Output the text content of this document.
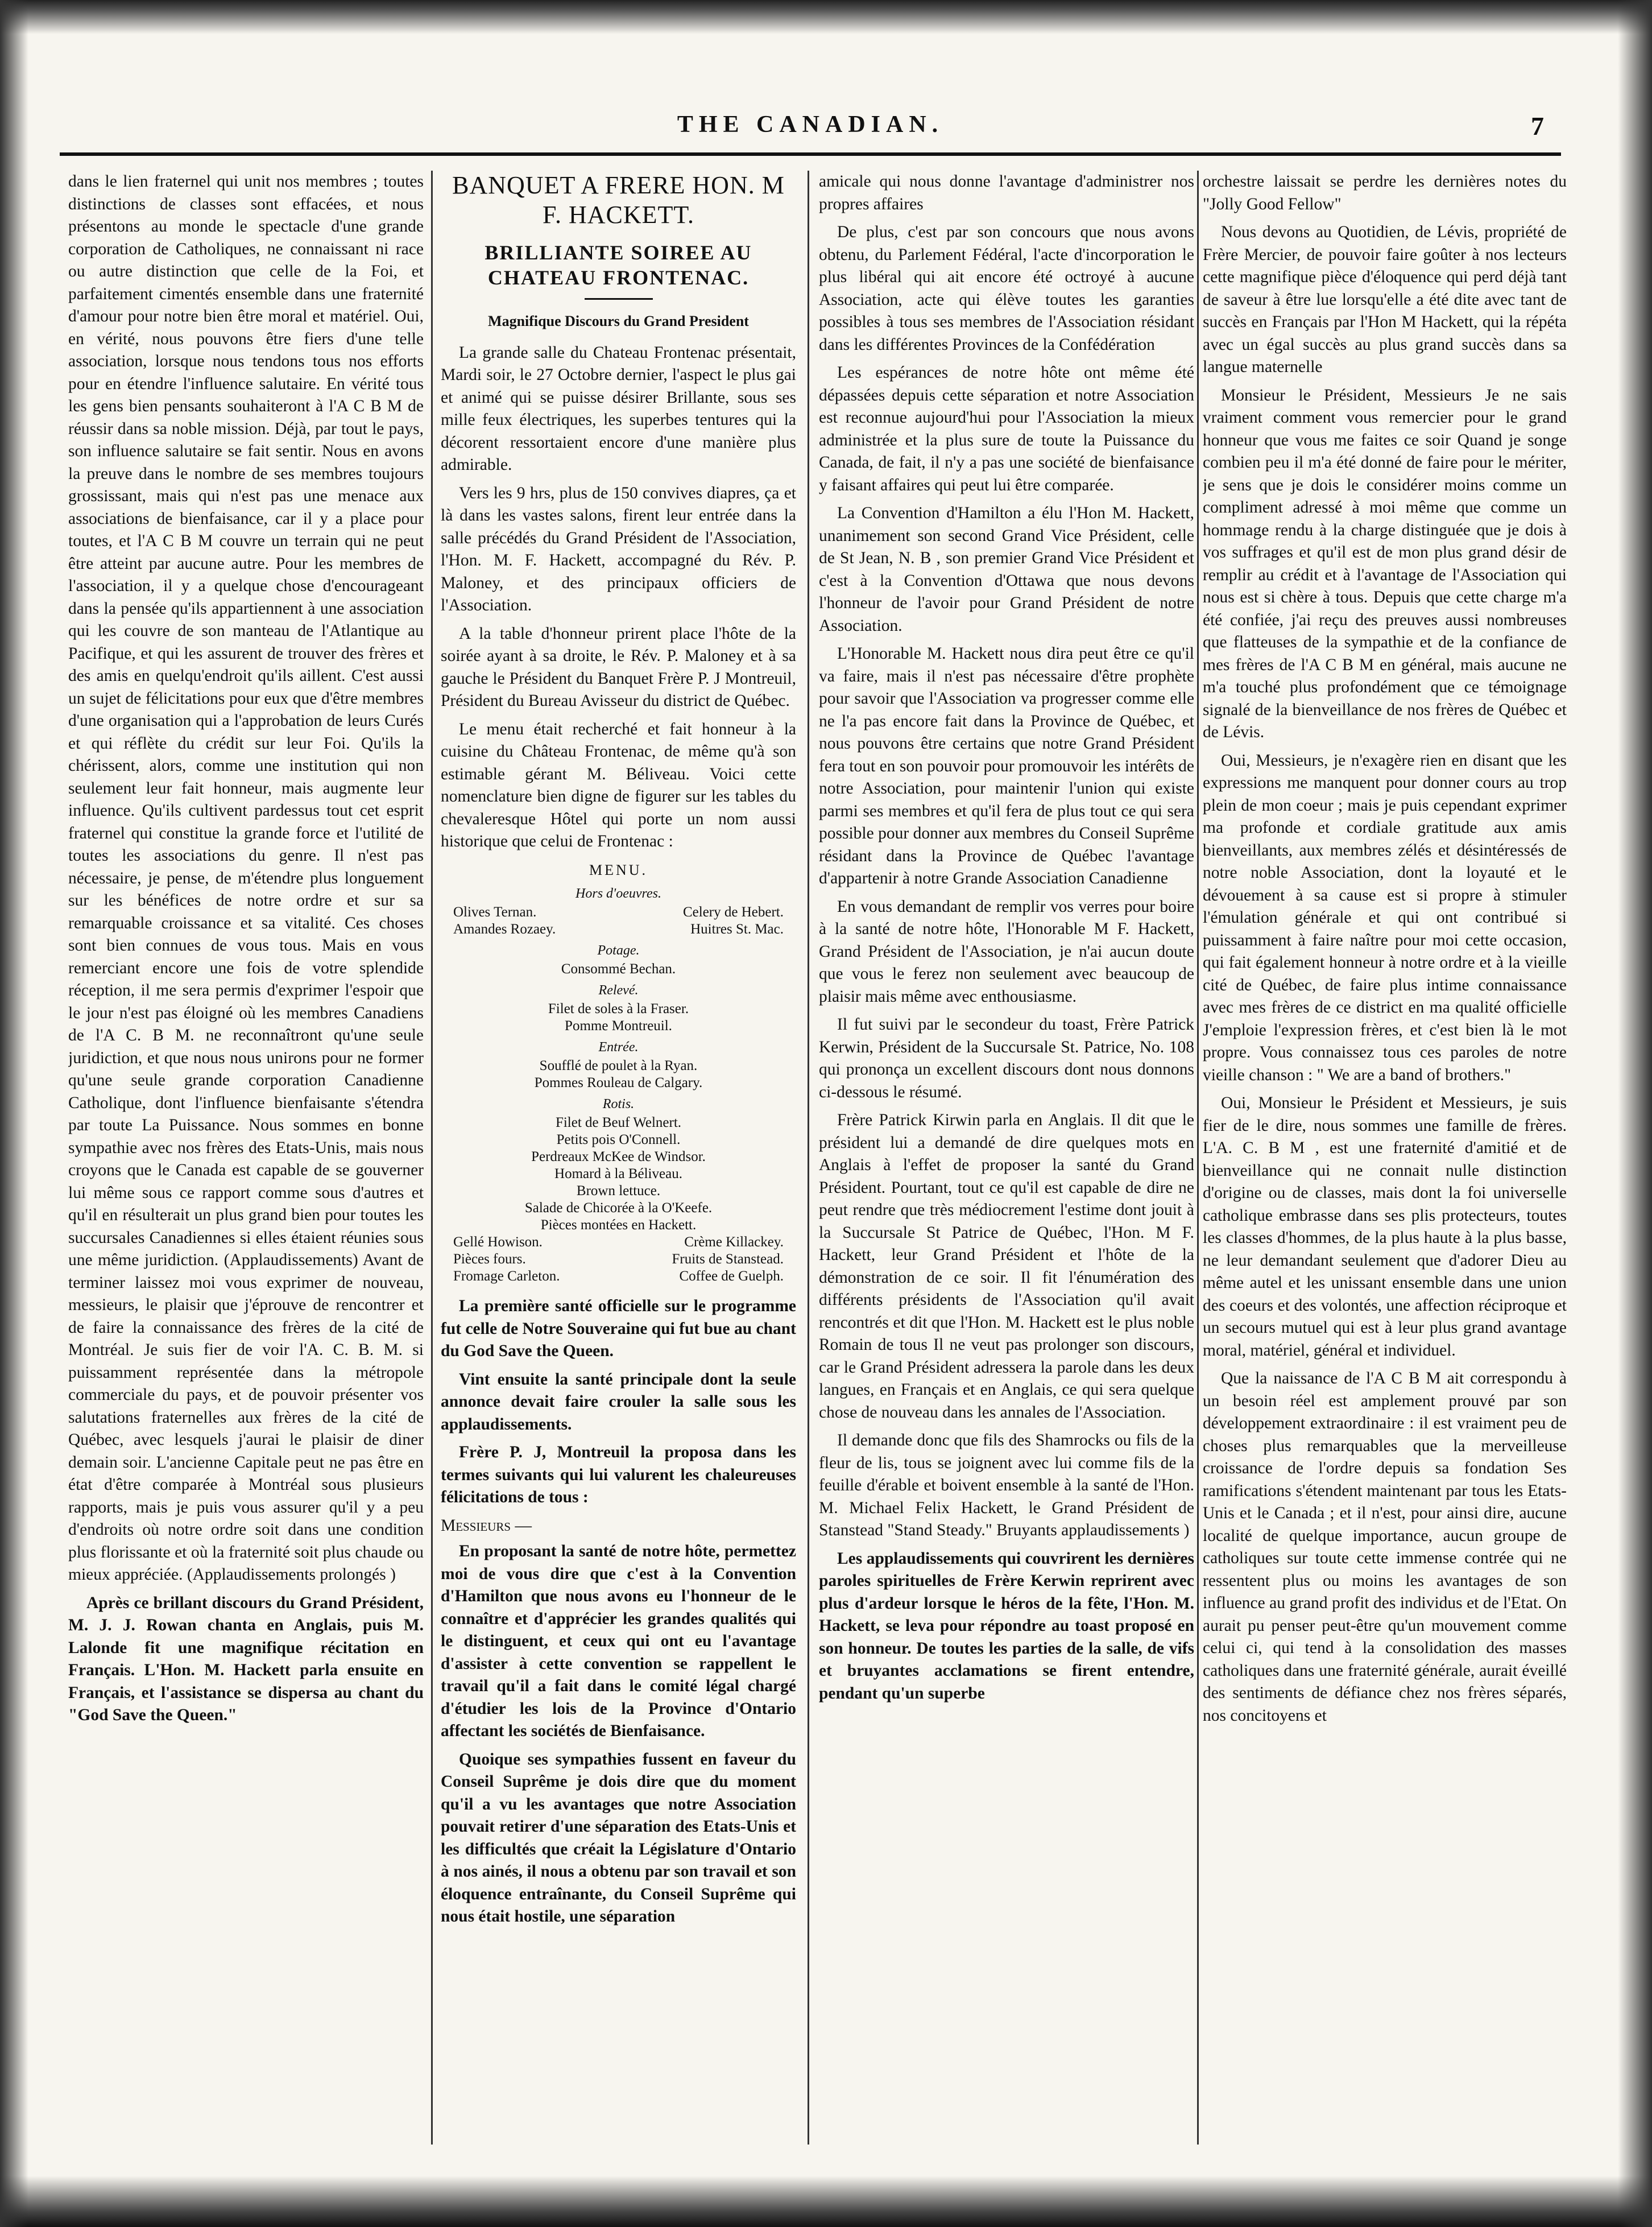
THE CANADIAN.	7

dans le lien fraternel qui unit nos membres ; toutes distinctions de classes sont effacées, et nous présentons au monde le spectacle d'une grande corporation de Catholiques, ne connaissant ni race ou autre distinction que celle de la Foi, et parfaitement cimentés ensemble dans une fraternité d'amour pour notre bien être moral et matériel. Oui, en vérité, nous pouvons être fiers d'une telle association, lorsque nous tendons tous nos efforts pour en étendre l'influence salutaire. En vérité tous les gens bien pensants souhaiteront à l'A C B M de réussir dans sa noble mission. Déjà, par tout le pays, son influence salutaire se fait sentir. Nous en avons la preuve dans le nombre de ses membres toujours grossissant, mais qui n'est pas une menace aux associations de bienfaisance, car il y a place pour toutes, et l'A C B M couvre un terrain qui ne peut être atteint par aucune autre. Pour les membres de l'association, il y a quelque chose d'encourageant dans la pensée qu'ils appartiennent à une association qui les couvre de son manteau de l'Atlantique au Pacifique, et qui les assurent de trouver des frères et des amis en quelqu'endroit qu'ils aillent. C'est aussi un sujet de félicitations pour eux que d'être membres d'une organisation qui a l'approbation de leurs Curés et qui réflète du crédit sur leur Foi. Qu'ils la chérissent, alors, comme une institution qui non seulement leur fait honneur, mais augmente leur influence. Qu'ils cultivent pardessus tout cet esprit fraternel qui constitue la grande force et l'utilité de toutes les associations du genre. Il n'est pas nécessaire, je pense, de m'étendre plus longuement sur les bénéfices de notre ordre et sur sa remarquable croissance et sa vitalité. Ces choses sont bien connues de vous tous. Mais en vous remerciant encore une fois de votre splendide réception, il me sera permis d'exprimer l'espoir que le jour n'est pas éloigné où les membres Canadiens de l'A C. B M. ne reconnaîtront qu'une seule juridiction, et que nous nous unirons pour ne former qu'une seule grande corporation Canadienne Catholique, dont l'influence bienfaisante s'étendra par toute La Puissance. Nous sommes en bonne sympathie avec nos frères des Etats-Unis, mais nous croyons que le Canada est capable de se gouverner lui même sous ce rapport comme sous d'autres et qu'il en résulterait un plus grand bien pour toutes les succursales Canadiennes si elles étaient réunies sous une même juridiction. (Applaudissements) Avant de terminer laissez moi vous exprimer de nouveau, messieurs, le plaisir que j'éprouve de rencontrer et de faire la connaissance des frères de la cité de Montréal. Je suis fier de voir l'A. C. B. M. si puissamment représentée dans la métropole commerciale du pays, et de pouvoir présenter vos salutations fraternelles aux frères de la cité de Québec, avec lesquels j'aurai le plaisir de diner demain soir. L'ancienne Capitale peut ne pas être en état d'être comparée à Montréal sous plusieurs rapports, mais je puis vous assurer qu'il y a peu d'endroits où notre ordre soit dans une condition plus florissante et où la fraternité soit plus chaude ou mieux appréciée. (Applaudissements prolongés )

Après ce brillant discours du Grand Président, M. J. J. Rowan chanta en Anglais, puis M. Lalonde fit une magnifique récitation en Français. L'Hon. M. Hackett parla ensuite en Français, et l'assistance se dispersa au chant du "God Save the Queen."

BANQUET A FRERE HON. M F. HACKETT.
BRILLIANTE SOIREE AU CHATEAU FRONTENAC.
Magnifique Discours du Grand President

La grande salle du Chateau Frontenac présentait, Mardi soir, le 27 Octobre dernier, l'aspect le plus gai et animé qui se puisse désirer Brillante, sous ses mille feux électriques, les superbes tentures qui la décorent ressortaient encore d'une manière plus admirable.

Vers les 9 hrs, plus de 150 convives diapres, ça et là dans les vastes salons, firent leur entrée dans la salle précédés du Grand Président de l'Association, l'Hon. M. F. Hackett, accompagné du Rév. P. Maloney, et des principaux officiers de l'Association.

A la table d'honneur prirent place l'hôte de la soirée ayant à sa droite, le Rév. P. Maloney et à sa gauche le Président du Banquet Frère P. J Montreuil, Président du Bureau Avisseur du district de Québec.

Le menu était recherché et fait honneur à la cuisine du Château Frontenac, de même qu'à son estimable gérant M. Béliveau. Voici cette nomenclature bien digne de figurer sur les tables du chevaleresque Hôtel qui porte un nom aussi historique que celui de Frontenac :

MENU.
Hors d'oeuvres.
Olives Ternan.	Celery de Hebert.
Amandes Rozaey.	Huitres St. Mac.
Potage.
Consommé Bechan.
Relevé.
Filet de soles à la Fraser.
Pomme Montreuil.
Entrée.
Soufflé de poulet à la Ryan.
Pommes Rouleau de Calgary.
Rotis.
Filet de Beuf Welnert.
Petits pois O'Connell.
Perdreaux McKee de Windsor.
Homard à la Béliveau.
Brown lettuce.
Salade de Chicorée à la O'Keefe.
Pièces montées en Hackett.
Gellé Howison.	Crème Killackey.
Pièces fours.	Fruits de Stanstead.
Fromage Carleton.	Coffee de Guelph.

La première santé officielle sur le programme fut celle de Notre Souveraine qui fut bue au chant du God Save the Queen.

Vint ensuite la santé principale dont la seule annonce devait faire crouler la salle sous les applaudissements.

Frère P. J, Montreuil la proposa dans les termes suivants qui lui valurent les chaleureuses félicitations de tous :

Messieurs —

En proposant la santé de notre hôte, permettez moi de vous dire que c'est à la Convention d'Hamilton que nous avons eu l'honneur de le connaître et d'apprécier les grandes qualités qui le distinguent, et ceux qui ont eu l'avantage d'assister à cette convention se rappellent le travail qu'il a fait dans le comité légal chargé d'étudier les lois de la Province d'Ontario affectant les sociétés de Bienfaisance.

Quoique ses sympathies fussent en faveur du Conseil Suprême je dois dire que du moment qu'il a vu les avantages que notre Association pouvait retirer d'une séparation des Etats-Unis et les difficultés que créait la Législature d'Ontario à nos ainés, il nous a obtenu par son travail et son éloquence entraînante, du Conseil Suprême qui nous était hostile, une séparation

amicale qui nous donne l'avantage d'administrer nos propres affaires

De plus, c'est par son concours que nous avons obtenu, du Parlement Fédéral, l'acte d'incorporation le plus libéral qui ait encore été octroyé à aucune Association, acte qui élève toutes les garanties possibles à tous ses membres de l'Association résidant dans les différentes Provinces de la Confédération

Les espérances de notre hôte ont même été dépassées depuis cette séparation et notre Association est reconnue aujourd'hui pour l'Association la mieux administrée et la plus sure de toute la Puissance du Canada, de fait, il n'y a pas une société de bienfaisance y faisant affaires qui peut lui être comparée.

La Convention d'Hamilton a élu l'Hon M. Hackett, unanimement son second Grand Vice Président, celle de St Jean, N. B , son premier Grand Vice Président et c'est à la Convention d'Ottawa que nous devons l'honneur de l'avoir pour Grand Président de notre Association.

L'Honorable M. Hackett nous dira peut être ce qu'il va faire, mais il n'est pas nécessaire d'être prophète pour savoir que l'Association va progresser comme elle ne l'a pas encore fait dans la Province de Québec, et nous pouvons être certains que notre Grand Président fera tout en son pouvoir pour promouvoir les intérêts de notre Association, pour maintenir l'union qui existe parmi ses membres et qu'il fera de plus tout ce qui sera possible pour donner aux membres du Conseil Suprême résidant dans la Province de Québec l'avantage d'appartenir à notre Grande Association Canadienne

En vous demandant de remplir vos verres pour boire à la santé de notre hôte, l'Honorable M F. Hackett, Grand Président de l'Association, je n'ai aucun doute que vous le ferez non seulement avec beaucoup de plaisir mais même avec enthousiasme.

Il fut suivi par le secondeur du toast, Frère Patrick Kerwin, Président de la Succursale St. Patrice, No. 108 qui prononça un excellent discours dont nous donnons ci-dessous le résumé.

Frère Patrick Kirwin parla en Anglais. Il dit que le président lui a demandé de dire quelques mots en Anglais à l'effet de proposer la santé du Grand Président. Pourtant, tout ce qu'il est capable de dire ne peut rendre que très médiocrement l'estime dont jouit à la Succursale St Patrice de Québec, l'Hon. M F. Hackett, leur Grand Président et l'hôte de la démonstration de ce soir. Il fit l'énumération des différents présidents de l'Association qu'il avait rencontrés et dit que l'Hon. M. Hackett est le plus noble Romain de tous Il ne veut pas prolonger son discours, car le Grand Président adressera la parole dans les deux langues, en Français et en Anglais, ce qui sera quelque chose de nouveau dans les annales de l'Association.

Il demande donc que fils des Shamrocks ou fils de la fleur de lis, tous se joignent avec lui comme fils de la feuille d'érable et boivent ensemble à la santé de l'Hon. M. Michael Felix Hackett, le Grand Président de Stanstead "Stand Steady." Bruyants applaudissements )

Les applaudissements qui couvrirent les dernières paroles spirituelles de Frère Kerwin reprirent avec plus d'ardeur lorsque le héros de la fête, l'Hon. M. Hackett, se leva pour répondre au toast proposé en son honneur. De toutes les parties de la salle, de vifs et bruyantes acclamations se firent entendre, pendant qu'un superbe

orchestre laissait se perdre les dernières notes du "Jolly Good Fellow"

Nous devons au Quotidien, de Lévis, propriété de Frère Mercier, de pouvoir faire goûter à nos lecteurs cette magnifique pièce d'éloquence qui perd déjà tant de saveur à être lue lorsqu'elle a été dite avec tant de succès en Français par l'Hon M Hackett, qui la répéta avec un égal succès au plus grand succès dans sa langue maternelle

Monsieur le Président, Messieurs Je ne sais vraiment comment vous remercier pour le grand honneur que vous me faites ce soir Quand je songe combien peu il m'a été donné de faire pour le mériter, je sens que je dois le considérer moins comme un compliment adressé à moi même que comme un hommage rendu à la charge distinguée que je dois à vos suffrages et qu'il est de mon plus grand désir de remplir au crédit et à l'avantage de l'Association qui nous est si chère à tous. Depuis que cette charge m'a été confiée, j'ai reçu des preuves aussi nombreuses que flatteuses de la sympathie et de la confiance de mes frères de l'A C B M en général, mais aucune ne m'a touché plus profondément que ce témoignage signalé de la bienveillance de nos frères de Québec et de Lévis.

Oui, Messieurs, je n'exagère rien en disant que les expressions me manquent pour donner cours au trop plein de mon coeur ; mais je puis cependant exprimer ma profonde et cordiale gratitude aux amis bienveillants, aux membres zélés et désintéressés de notre noble Association, dont la loyauté et le dévouement à sa cause est si propre à stimuler l'émulation générale et qui ont contribué si puissamment à faire naître pour moi cette occasion, qui fait également honneur à notre ordre et à la vieille cité de Québec, de faire plus intime connaissance avec mes frères de ce district en ma qualité officielle J'emploie l'expression frères, et c'est bien là le mot propre. Vous connaissez tous ces paroles de notre vieille chanson : " We are a band of brothers."

Oui, Monsieur le Président et Messieurs, je suis fier de le dire, nous sommes une famille de frères. L'A. C. B M , est une fraternité d'amitié et de bienveillance qui ne connait nulle distinction d'origine ou de classes, mais dont la foi universelle catholique embrasse dans ses plis protecteurs, toutes les classes d'hommes, de la plus haute à la plus basse, ne leur demandant seulement que d'adorer Dieu au même autel et les unissant ensemble dans une union des coeurs et des volontés, une affection réciproque et un secours mutuel qui est à leur plus grand avantage moral, matériel, général et individuel.

Que la naissance de l'A C B M ait correspondu à un besoin réel est amplement prouvé par son développement extraordinaire : il est vraiment peu de choses plus remarquables que la merveilleuse croissance de l'ordre depuis sa fondation Ses ramifications s'étendent maintenant par tous les Etats-Unis et le Canada ; et il n'est, pour ainsi dire, aucune localité de quelque importance, aucun groupe de catholiques sur toute cette immense contrée qui ne ressentent plus ou moins les avantages de son influence au grand profit des individus et de l'Etat. On aurait pu penser peut-être qu'un mouvement comme celui ci, qui tend à la consolidation des masses catholiques dans une fraternité générale, aurait éveillé des sentiments de défiance chez nos frères séparés, nos concitoyens et
